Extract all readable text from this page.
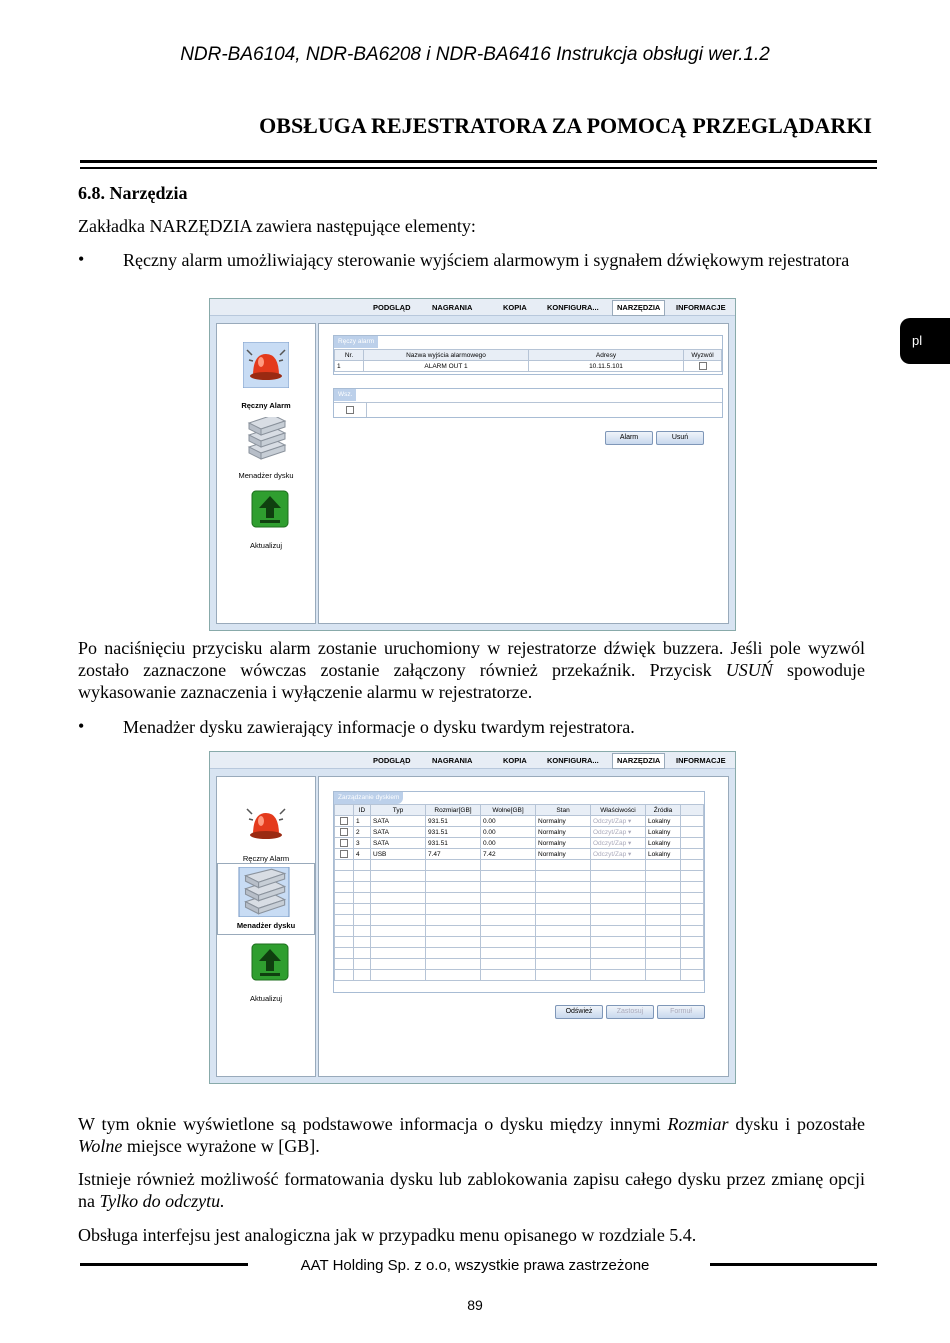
NDR-BA6104, NDR-BA6208 i NDR-BA6416 Instrukcja obsługi wer.1.2
OBSŁUGA REJESTRATORA ZA POMOCĄ PRZEGLĄDARKI
pl
6.8. Narzędzia
Zakładka NARZĘDZIA zawiera następujące elementy:
• Ręczny alarm umożliwiający sterowanie wyjściem alarmowym i sygnałem dźwiękowym rejestratora
PODGLĄD	NAGRANIA	KOPIA	KONFIGURA...	NARZĘDZIA	INFORMACJE
Ręczny Alarm
Menadżer dysku
Aktualizuj
Ręczy alarm
Nr.	Nazwa wyjścia alarmowego	Adresy	Wyzwól
1	ALARM OUT 1	10.11.5.101	
Wsz.
Alarm	Usuń
Po naciśnięciu przycisku alarm zostanie uruchomiony w rejestratorze dźwięk buzzera. Jeśli pole wyzwól zostało zaznaczone wówczas zostanie załączony również przekaźnik. Przycisk USUŃ spowoduje wykasowanie zaznaczenia i wyłączenie alarmu w rejestratorze.
• Menadżer dysku zawierający informacje o dysku twardym rejestratora.
PODGLĄD	NAGRANIA	KOPIA	KONFIGURA...	NARZĘDZIA	INFORMACJE
Ręczny Alarm
Menadżer dysku
Aktualizuj
Zarządzanie dyskiem
	ID	Typ	Rozmiar[GB]	Wolne[GB]	Stan	Właściwości	Źródła	
	1	SATA	931.51	0.00	Normalny	Odczyt/Zap ▾	Lokalny	
	2	SATA	931.51	0.00	Normalny	Odczyt/Zap ▾	Lokalny	
	3	SATA	931.51	0.00	Normalny	Odczyt/Zap ▾	Lokalny	
	4	USB	7.47	7.42	Normalny	Odczyt/Zap ▾	Lokalny	

Odśwież	Zastosuj	Formuł
W tym oknie wyświetlone są podstawowe informacja o dysku między innymi Rozmiar dysku i pozostałe Wolne miejsce wyrażone w [GB].
Istnieje również możliwość formatowania dysku lub zablokowania zapisu całego dysku przez zmianę opcji na Tylko do odczytu.
Obsługa interfejsu jest analogiczna jak w przypadku menu opisanego w rozdziale 5.4.
AAT Holding Sp. z o.o, wszystkie prawa zastrzeżone
89
